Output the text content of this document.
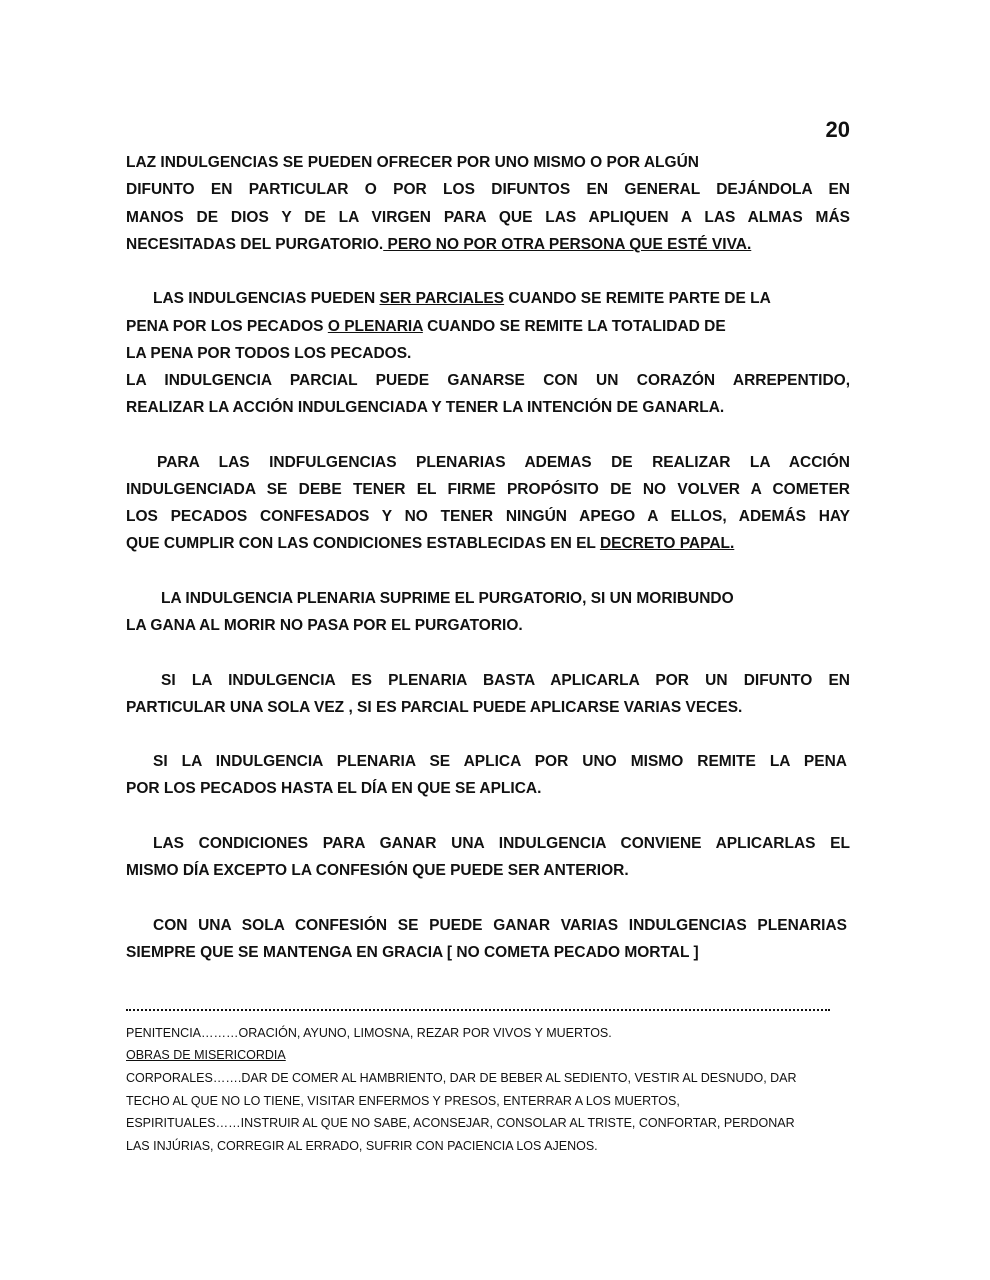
20
LAZ INDULGENCIAS SE PUEDEN OFRECER POR UNO MISMO O POR ALGÚN
DIFUNTO EN PARTICULAR O POR LOS DIFUNTOS EN GENERAL DEJÁNDOLA EN
MANOS DE DIOS Y DE LA VIRGEN PARA QUE LAS APLIQUEN A LAS ALMAS MÁS
NECESITADAS DEL PURGATORIO. PERO NO POR OTRA PERSONA QUE ESTÉ VIVA.
LAS INDULGENCIAS PUEDEN SER PARCIALES CUANDO SE REMITE PARTE DE LA
PENA POR LOS PECADOS O PLENARIA CUANDO SE REMITE LA TOTALIDAD DE
LA PENA POR TODOS LOS PECADOS.
LA INDULGENCIA PARCIAL PUEDE GANARSE CON UN CORAZÓN ARREPENTIDO,
REALIZAR LA ACCIÓN INDULGENCIADA Y TENER LA INTENCIÓN DE GANARLA.
PARA LAS INDFULGENCIAS PLENARIAS ADEMAS DE REALIZAR LA ACCIÓN
INDULGENCIADA SE DEBE TENER EL FIRME PROPÓSITO DE NO VOLVER A COMETER
LOS PECADOS CONFESADOS Y NO TENER NINGÚN APEGO A ELLOS, ADEMÁS HAY
QUE CUMPLIR CON LAS CONDICIONES ESTABLECIDAS EN EL DECRETO PAPAL.
LA INDULGENCIA PLENARIA SUPRIME EL PURGATORIO, SI UN MORIBUNDO
LA GANA AL MORIR NO PASA POR EL PURGATORIO.
SI LA INDULGENCIA ES PLENARIA BASTA APLICARLA POR UN DIFUNTO EN
PARTICULAR UNA SOLA VEZ , SI ES PARCIAL PUEDE APLICARSE VARIAS VECES.
SI LA INDULGENCIA PLENARIA SE APLICA POR UNO MISMO REMITE LA PENA
POR LOS PECADOS HASTA EL DÍA EN QUE SE APLICA.
LAS CONDICIONES PARA GANAR UNA INDULGENCIA CONVIENE APLICARLAS EL
MISMO DÍA EXCEPTO LA CONFESIÓN QUE PUEDE SER ANTERIOR.
CON UNA SOLA CONFESIÓN SE PUEDE GANAR VARIAS INDULGENCIAS PLENARIAS
SIEMPRE QUE SE MANTENGA EN GRACIA [ NO COMETA PECADO MORTAL ]
PENITENCIA………ORACIÓN, AYUNO, LIMOSNA, REZAR POR VIVOS Y MUERTOS.
OBRAS DE MISERICORDIA
CORPORALES…….DAR DE COMER AL HAMBRIENTO, DAR DE BEBER AL SEDIENTO, VESTIR AL DESNUDO, DAR
TECHO AL QUE NO LO TIENE, VISITAR ENFERMOS Y PRESOS, ENTERRAR A LOS MUERTOS,
ESPIRITUALES……INSTRUIR AL QUE NO SABE, ACONSEJAR, CONSOLAR AL TRISTE, CONFORTAR, PERDONAR
LAS INJÚRIAS, CORREGIR AL ERRADO, SUFRIR CON PACIENCIA LOS AJENOS.
